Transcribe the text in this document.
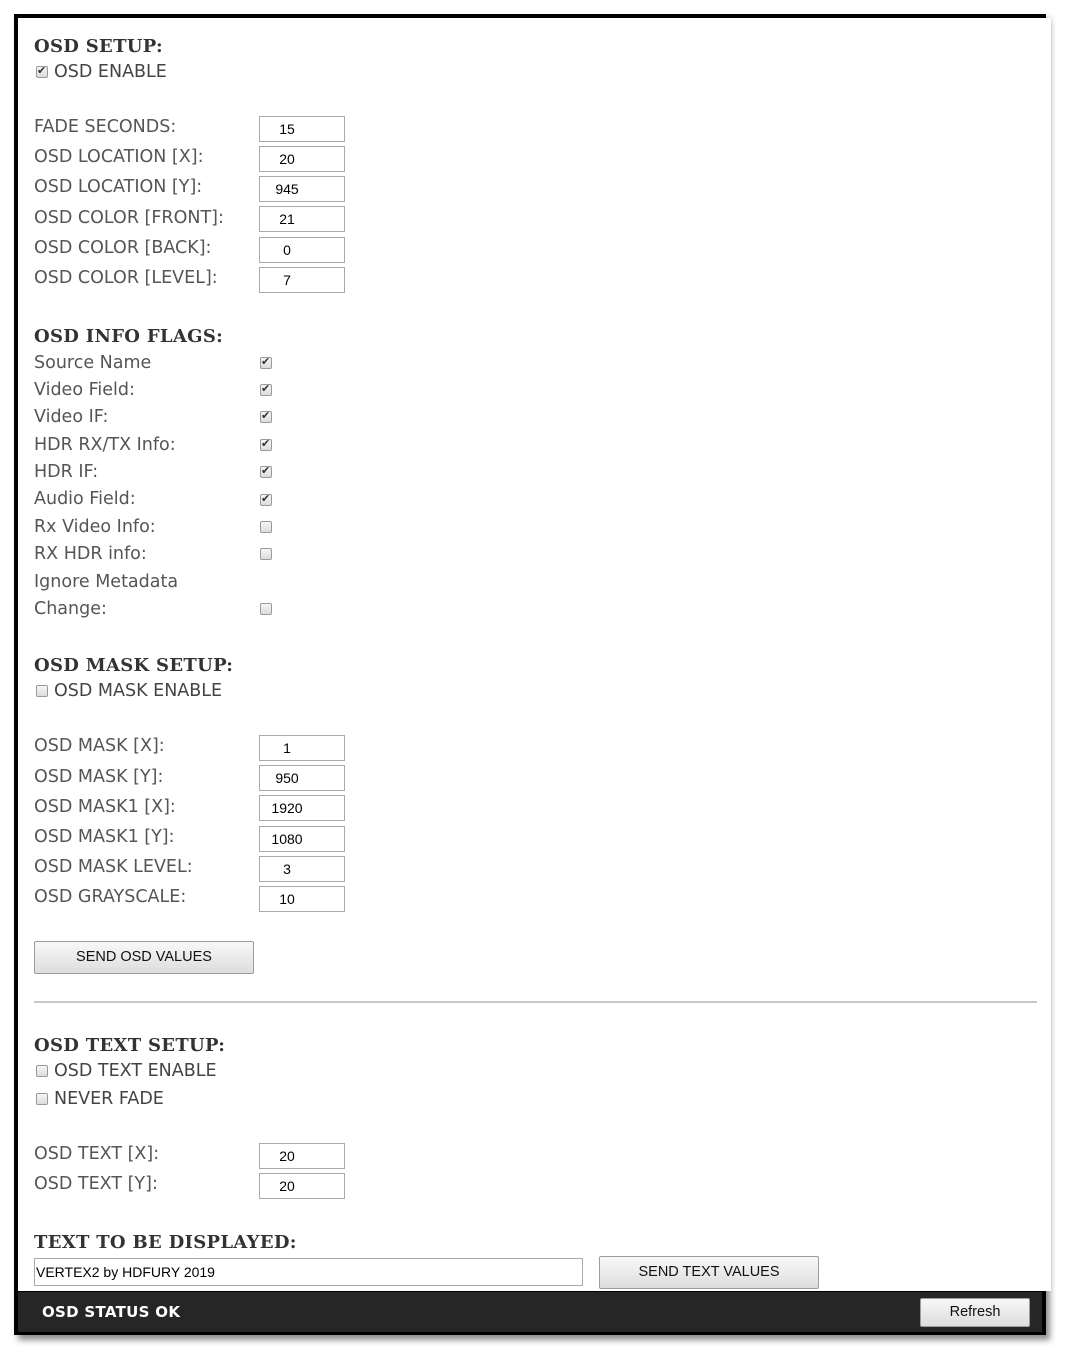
OSD SETUP:
✔
OSD ENABLE
FADE SECONDS:
15
OSD LOCATION [X]:
20
OSD LOCATION [Y]:
945
OSD COLOR [FRONT]:
21
OSD COLOR [BACK]:
0
OSD COLOR [LEVEL]:
7
OSD INFO FLAGS:
Source Name
✔
Video Field:
✔
Video IF:
✔
HDR RX/TX Info:
✔
HDR IF:
✔
Audio Field:
✔
Rx Video Info:
RX HDR info:
Ignore Metadata
Change:
OSD MASK SETUP:
OSD MASK ENABLE
OSD MASK [X]:
1
OSD MASK [Y]:
950
OSD MASK1 [X]:
1920
OSD MASK1 [Y]:
1080
OSD MASK LEVEL:
3
OSD GRAYSCALE:
10
SEND OSD VALUES
OSD TEXT SETUP:
OSD TEXT ENABLE
NEVER FADE
OSD TEXT [X]:
20
OSD TEXT [Y]:
20
TEXT TO BE DISPLAYED:
VERTEX2 by HDFURY 2019
SEND TEXT VALUES
OSD STATUS OK	Refresh
